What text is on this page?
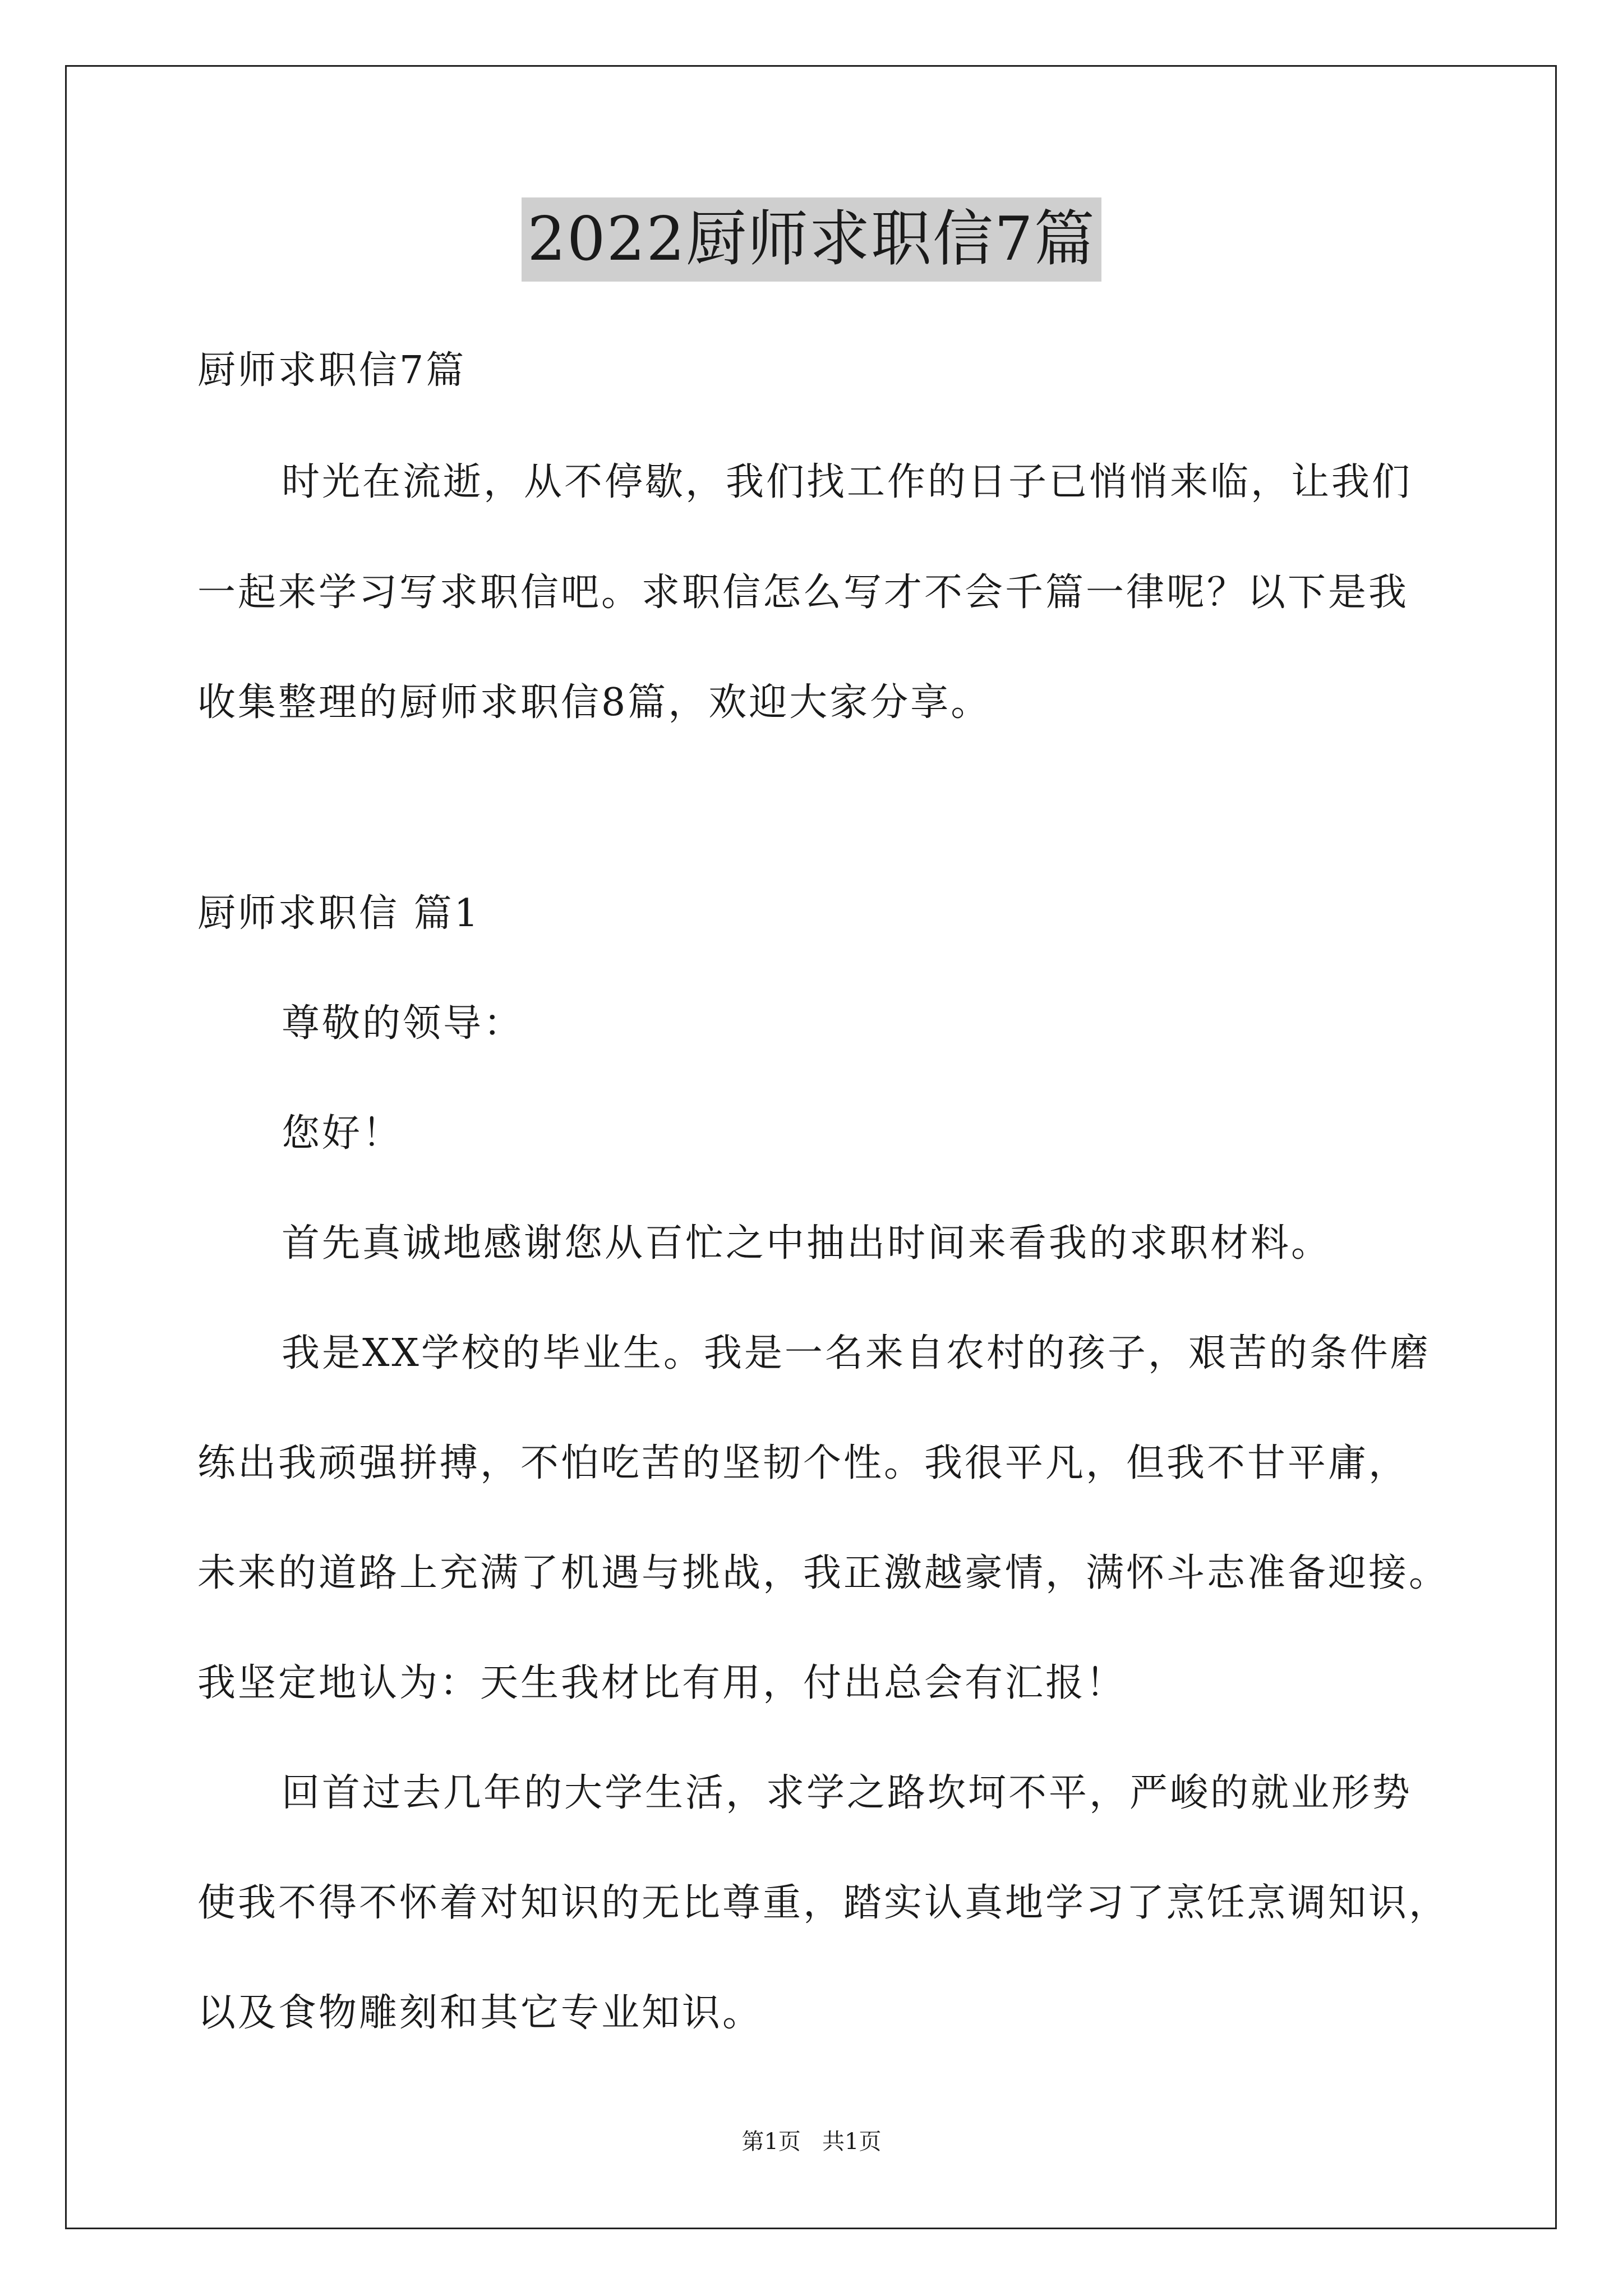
2022厨师求职信7篇
厨师求职信7篇
时光在流逝，从不停歇，我们找工作的日子已悄悄来临，让我们
一起来学习写求职信吧。求职信怎么写才不会千篇一律呢？以下是我
收集整理的厨师求职信8篇，欢迎大家分享。
厨师求职信 篇1
尊敬的领导：
您好！
首先真诚地感谢您从百忙之中抽出时间来看我的求职材料。
我是XX学校的毕业生。我是一名来自农村的孩子，艰苦的条件磨
练出我顽强拼搏，不怕吃苦的坚韧个性。我很平凡，但我不甘平庸，
未来的道路上充满了机遇与挑战，我正激越豪情，满怀斗志准备迎接。
我坚定地认为：天生我材比有用，付出总会有汇报！
回首过去几年的大学生活，求学之路坎坷不平，严峻的就业形势
使我不得不怀着对知识的无比尊重，踏实认真地学习了烹饪烹调知识，
以及食物雕刻和其它专业知识。
第1页   共1页
